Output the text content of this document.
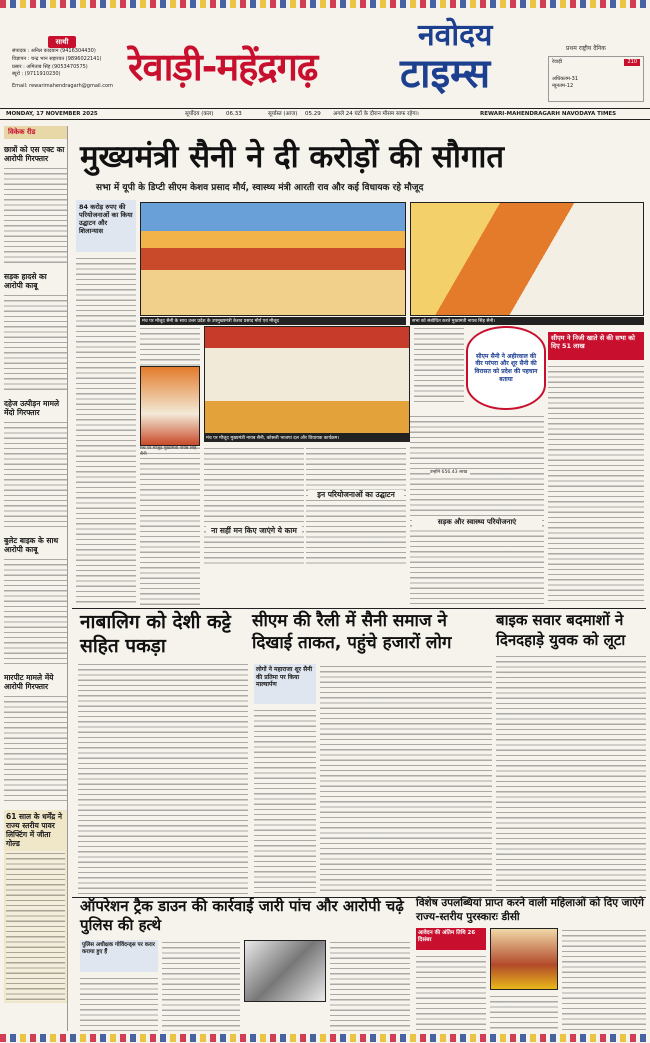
साथी
संपादक : अनिल कादयान (9416304430)
विज्ञापन : चन्द्र भान सहारवत (9896022141)
प्रसार : अमिताब सिंह (9053470575)
ब्यूरो : (9711910230)
Email: rewarimahendragarh@gmail.com रेवाड़ी-महेंद्रगढ़
नवोदय
टाइम्स
प्रथम राष्ट्रीय दैनिक
रेवाड़ी	210
अधिकतम-31
न्यूनतम-12
MONDAY, 17 NOVEMBER 2025	सूर्योदय (कल) 06.33	सूर्यास्त (आज) 05.29 अगले 24 घंटों के दौरान मौसम साफ रहेगा।	REWARI-MAHENDRAGARH NAVODAYA TIMES
विकेक रीड
छात्रों को एस एक्ट का आरोपी गिरफ्तार
सड़क हादसे का आरोपी काबू
दहेज उत्पीड़न मामले मेंदो गिरफ्तार
बुलेट बाइक के साथ आरोपी काबू
मारपीट मामले मेंये आरोपी गिरफ्तार
61 साल के धर्मेंद्र ने राज्य स्तरीय पावर लिफ्टिंग में जीता गोल्ड
मुख्यमंत्री सैनी ने दी करोड़ों की सौगात
सभा में यूपी के डिप्टी सीएम केशव प्रसाद मौर्य, स्वास्थ्य मंत्री आरती राव और कई विधायक रहे मौजूद
84 करोड़ रुपए की परियोजनाओं का किया उद्घाटन और शिलान्यास
मंच पर मौजूद सैनी के साथ उत्तर प्रदेश के उपमुख्यमंत्री केशव प्रसाद मौर्य एवं मौजूद	सभा को संबोधित करते मुख्यमंत्री नायब सिंह सैनी।
मंच पर मौजूद मुख्यमंत्री नायब सैनी, कोसली भाजपा दल और विधायक कार्यक्रम।
मंच पर मौजूद मुख्यमंत्री नायब सिंह सैनी
सीएम ने निजी खाते से की सभा को दिए 51 लाख
सीएम सैनी ने अहीरवाल की वीर परंपरा और शूर सैनी की विरासत को प्रदेश की पहचान बताया
ना सहीं मन किए जाएंगे ये काम
इन परियोजनाओं का उद्घाटन
सड़क और स्वास्थ्य परियोजनाएं
उन्होंने 656.43 लाख
नाबालिग को देशी कट्टे सहित पकड़ा
सीएम की रैली में सैनी समाज ने दिखाई ताकत, पहुंचे हजारों लोग
लोगों ने महाराजा शूर सैनी की प्रतिमा पर किया माल्यार्पण
बाइक सवार बदमाशों ने दिनदहाड़े युवक को लूटा
ऑपरेशन ट्रैक डाउन की कार्रवाई जारी पांच और आरोपी चढ़े पुलिस की हत्थे
पुलिस अधीक्षक गोविंदन्ड्स पर करार कराया हुए हैं
विशेष उपलब्धियां प्राप्त करने वाली महिलाओं को दिए जाएंगे राज्य-स्तरीय पुरस्कारः डीसी
आवेदन की अंतिम तिथि 26 दिसंबर
